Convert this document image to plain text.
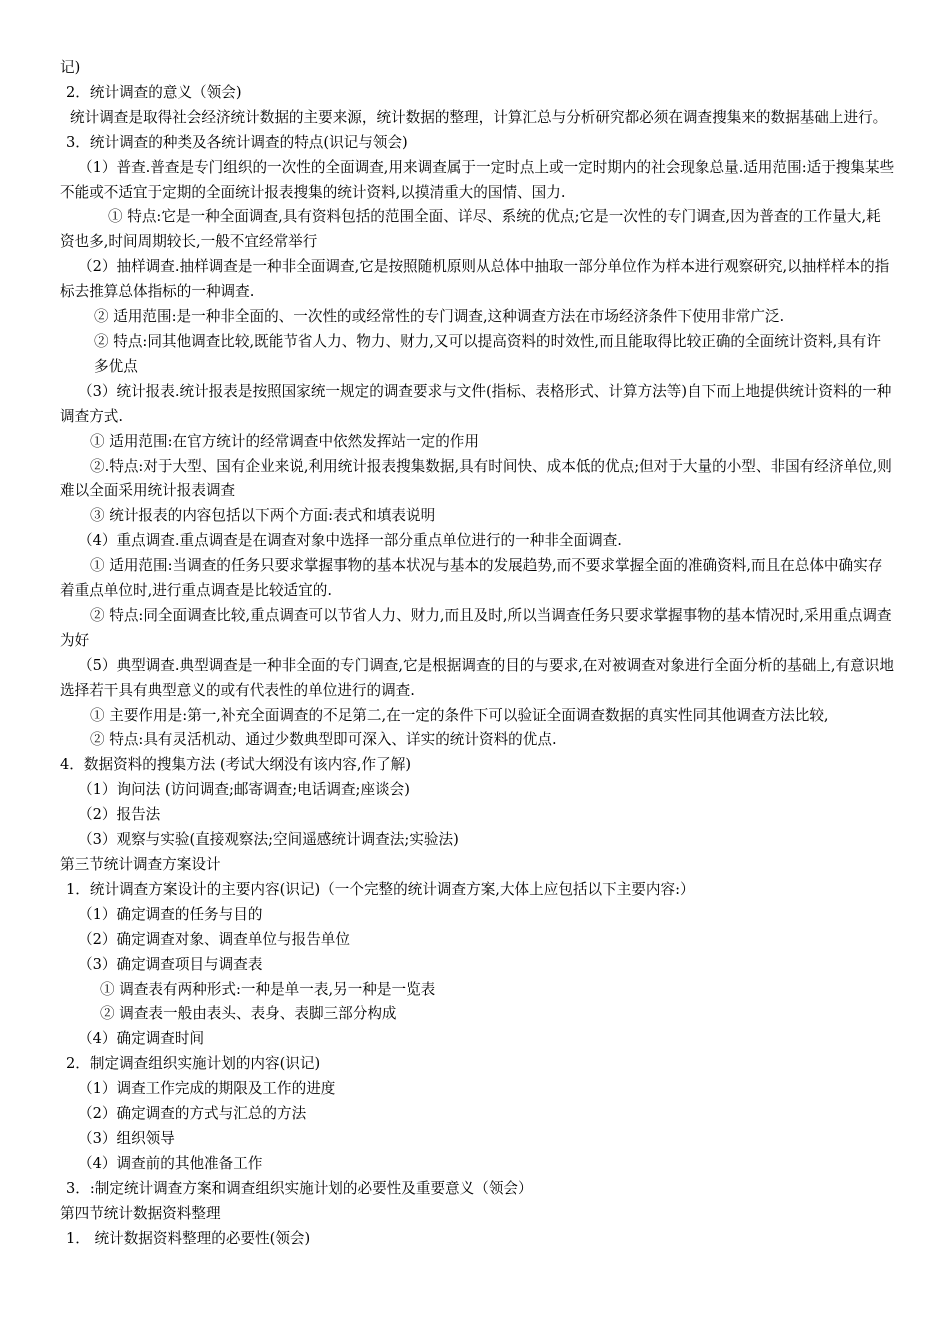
记)
2．统计调查的意义（领会)
统计调查是取得社会经济统计数据的主要来源，统计数据的整理，计算汇总与分析研究都必须在调查搜集来的数据基础上进行。
3．统计调查的种类及各统计调查的特点(识记与领会)
（1）普查.普查是专门组织的一次性的全面调查,用来调查属于一定时点上或一定时期内的社会现象总量.适用范围:适于搜集某些不能或不适宜于定期的全面统计报表搜集的统计资料,以摸清重大的国情、国力.
① 特点:它是一种全面调查,具有资料包括的范围全面、详尽、系统的优点;它是一次性的专门调查,因为普查的工作量大,耗资也多,时间周期较长,一般不宜经常举行
（2）抽样调查.抽样调查是一种非全面调查,它是按照随机原则从总体中抽取一部分单位作为样本进行观察研究,以抽样样本的指标去推算总体指标的一种调查.
② 适用范围:是一种非全面的、一次性的或经常性的专门调查,这种调查方法在市场经济条件下使用非常广泛.
② 特点:同其他调查比较,既能节省人力、物力、财力,又可以提高资料的时效性,而且能取得比较正确的全面统计资料,具有许多优点
（3）统计报表.统计报表是按照国家统一规定的调查要求与文件(指标、表格形式、计算方法等)自下而上地提供统计资料的一种调查方式.
① 适用范围:在官方统计的经常调查中依然发挥站一定的作用
②.特点:对于大型、国有企业来说,利用统计报表搜集数据,具有时间快、成本低的优点;但对于大量的小型、非国有经济单位,则难以全面采用统计报表调查
③ 统计报表的内容包括以下两个方面:表式和填表说明
（4）重点调查.重点调查是在调查对象中选择一部分重点单位进行的一种非全面调查.
① 适用范围:当调查的任务只要求掌握事物的基本状况与基本的发展趋势,而不要求掌握全面的准确资料,而且在总体中确实存着重点单位时,进行重点调查是比较适宜的.
② 特点:同全面调查比较,重点调查可以节省人力、财力,而且及时,所以当调查任务只要求掌握事物的基本情况时,采用重点调查为好
（5）典型调查.典型调查是一种非全面的专门调查,它是根据调查的目的与要求,在对被调查对象进行全面分析的基础上,有意识地选择若干具有典型意义的或有代表性的单位进行的调查.
① 主要作用是:第一,补充全面调查的不足第二,在一定的条件下可以验证全面调查数据的真实性同其他调查方法比较,
② 特点:具有灵活机动、通过少数典型即可深入、详实的统计资料的优点.
4．数据资料的搜集方法 (考试大纲没有该内容,作了解)
（1）询问法 (访问调查;邮寄调查;电话调查;座谈会)
（2）报告法
（3）观察与实验(直接观察法;空间遥感统计调查法;实验法)
第三节统计调查方案设计
1．统计调查方案设计的主要内容(识记)（一个完整的统计调查方案,大体上应包括以下主要内容:）
（1）确定调查的任务与目的
（2）确定调查对象、调查单位与报告单位
（3）确定调查项目与调查表
① 调查表有两种形式:一种是单一表,另一种是一览表
② 调查表一般由表头、表身、表脚三部分构成
（4）确定调查时间
2．制定调查组织实施计划的内容(识记)
（1）调查工作完成的期限及工作的进度
（2）确定调查的方式与汇总的方法
（3）组织领导
（4）调查前的其他准备工作
3．:制定统计调查方案和调查组织实施计划的必要性及重要意义（领会）
第四节统计数据资料整理
1． 统计数据资料整理的必要性(领会)
